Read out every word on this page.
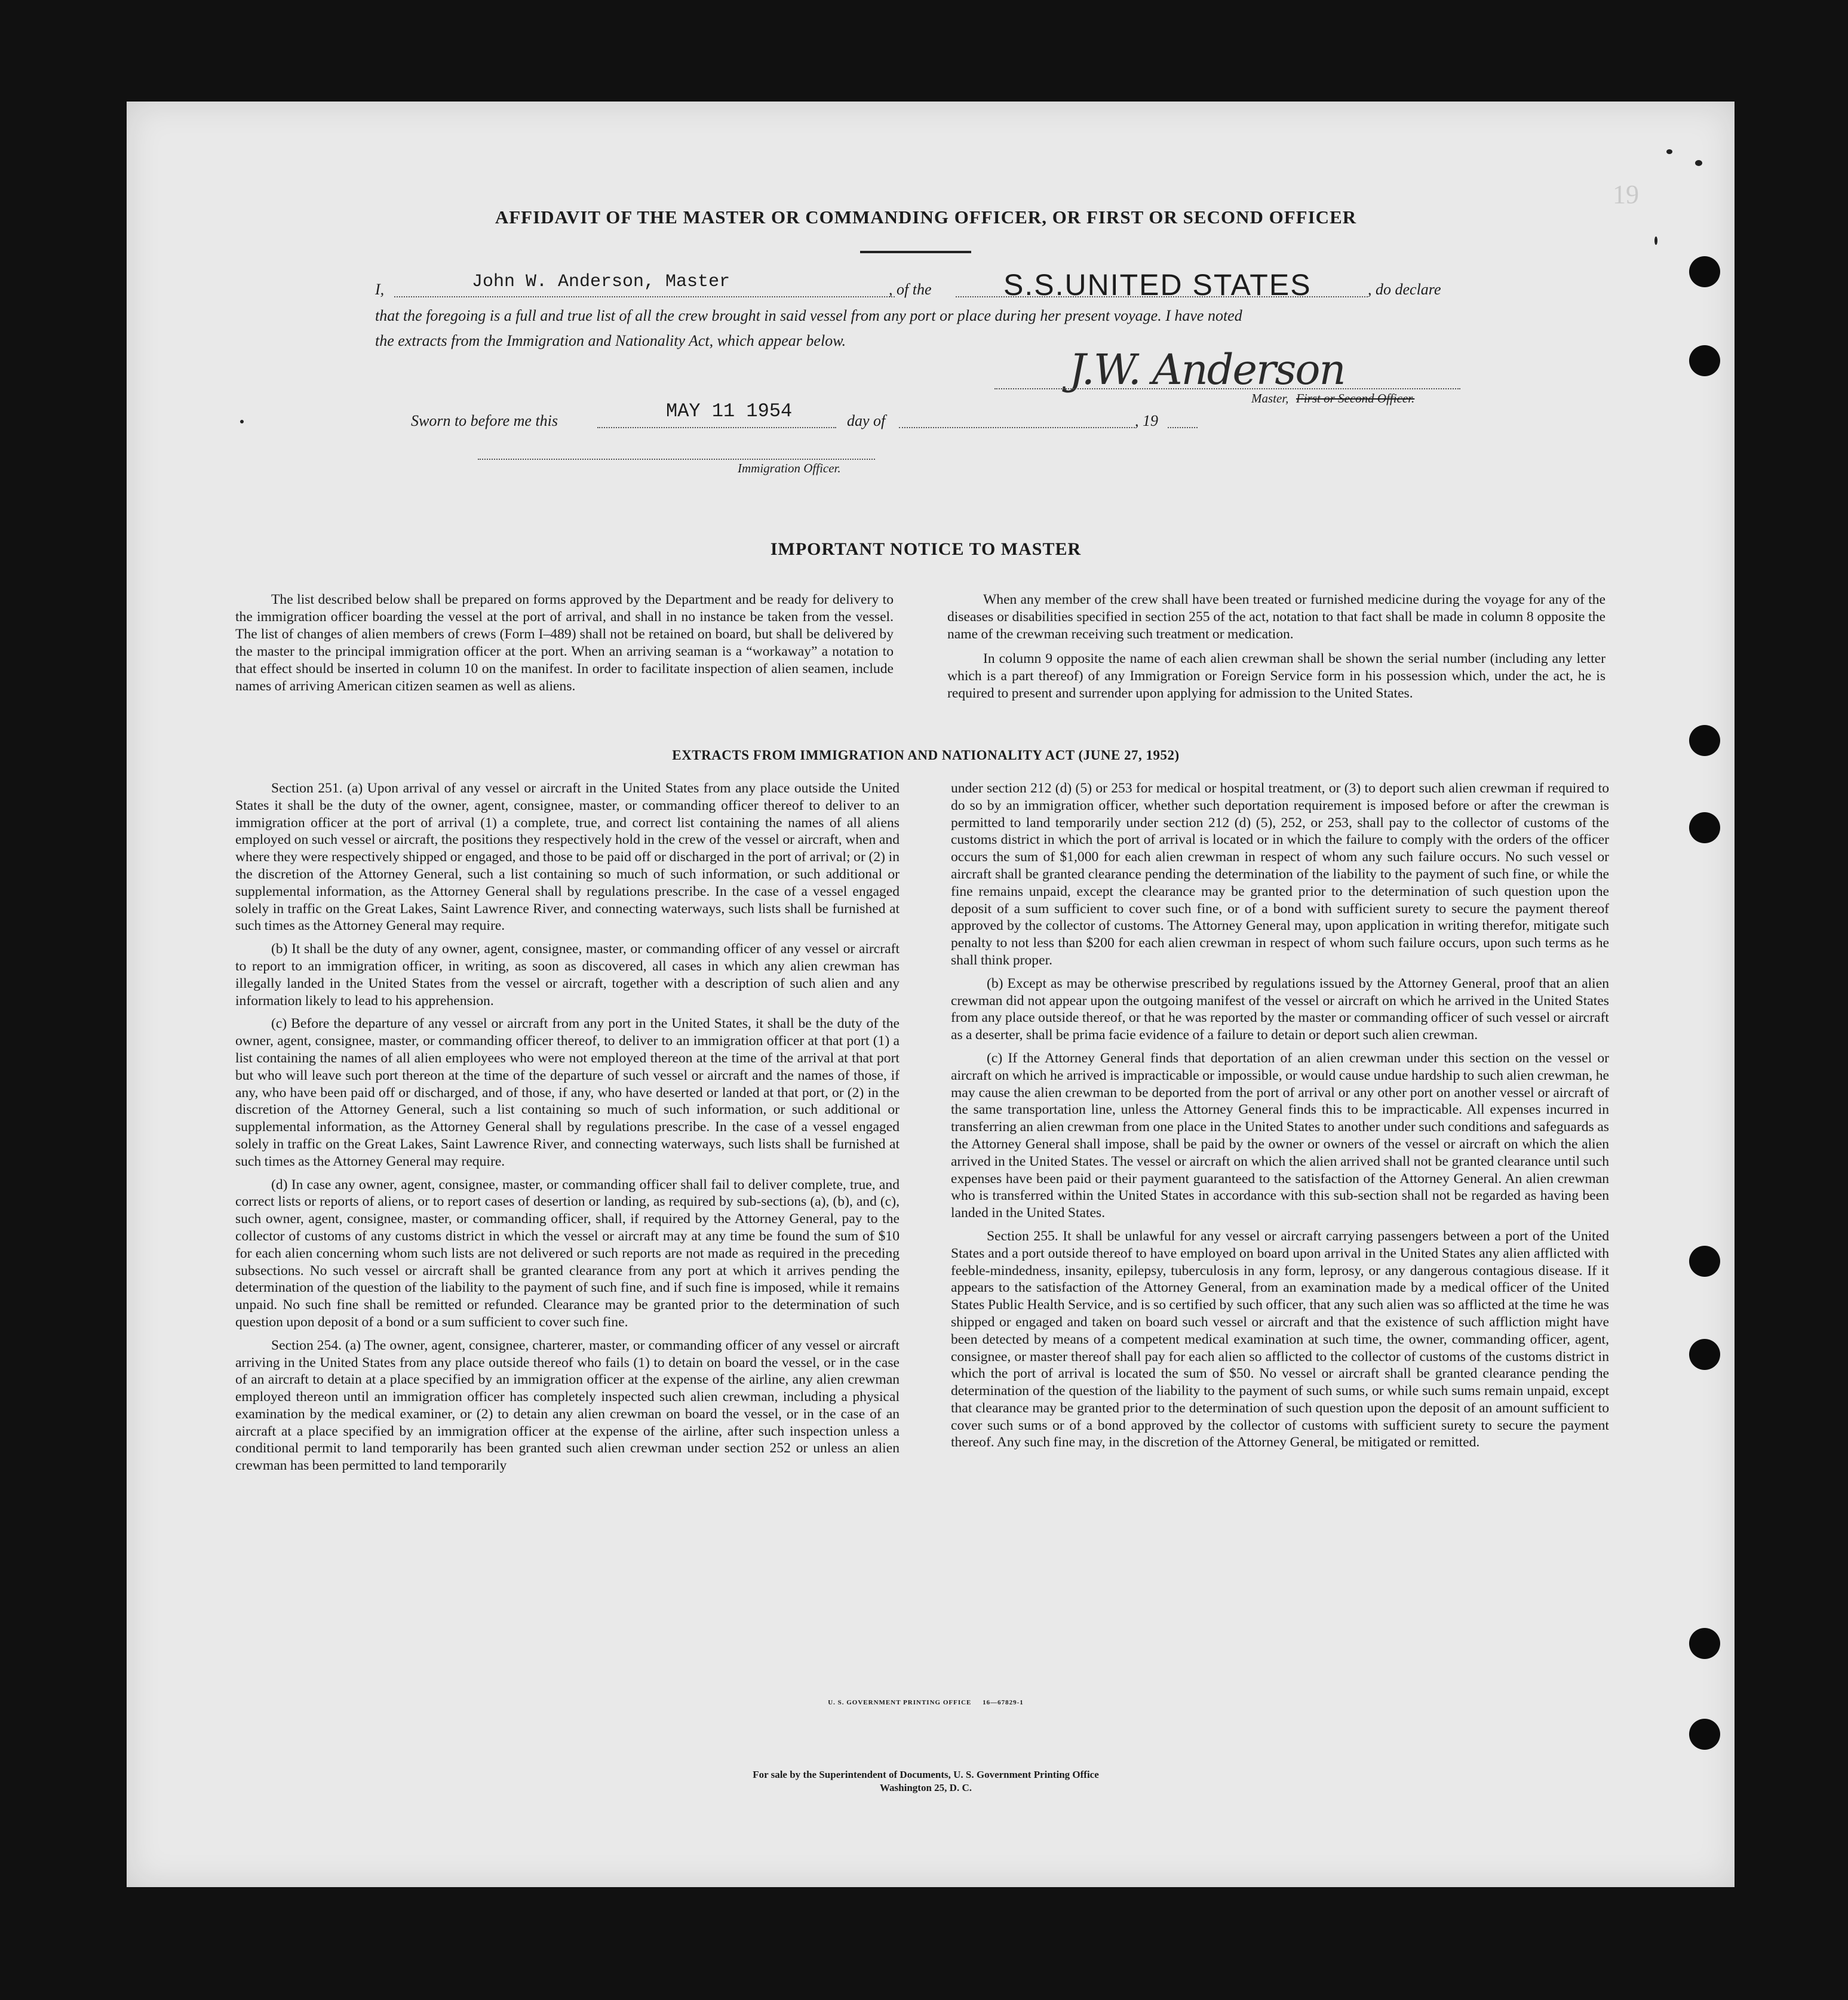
19
AFFIDAVIT OF THE MASTER OR COMMANDING OFFICER, OR FIRST OR SECOND OFFICER
I,	John W. Anderson, Master	, of the S.S.UNITED STATES	, do declare
that the foregoing is a full and true list of all the crew brought in said vessel from any port or place during her present voyage. I have noted
the extracts from the Immigration and Nationality Act, which appear below.
J.W. Anderson
Master, First or Second Officer.
Sworn to before me this	MAY 11 1954	day of	, 19
Immigration Officer.
IMPORTANT NOTICE TO MASTER

The list described below shall be prepared on forms approved by the Department and be ready for delivery to the immigration officer boarding the vessel at the port of arrival, and shall in no instance be taken from the vessel. The list of changes of alien members of crews (Form I–489) shall not be retained on board, but shall be delivered by the master to the principal immigration officer at the port. When an arriving seaman is a “workaway” a notation to that effect should be inserted in column 10 on the manifest. In order to facilitate inspection of alien seamen, include names of arriving American citizen seamen as well as aliens.

When any member of the crew shall have been treated or furnished medicine during the voyage for any of the diseases or disabilities specified in section 255 of the act, notation to that fact shall be made in column 8 opposite the name of the crewman receiving such treatment or medication.

In column 9 opposite the name of each alien crewman shall be shown the serial number (including any letter which is a part thereof) of any Immigration or Foreign Service form in his possession which, under the act, he is required to present and surrender upon applying for admission to the United States.

EXTRACTS FROM IMMIGRATION AND NATIONALITY ACT (JUNE 27, 1952)

Section 251. (a) Upon arrival of any vessel or aircraft in the United States from any place outside the United States it shall be the duty of the owner, agent, consignee, master, or commanding officer thereof to deliver to an immigration officer at the port of arrival (1) a complete, true, and correct list containing the names of all aliens employed on such vessel or aircraft, the positions they respectively hold in the crew of the vessel or aircraft, when and where they were respectively shipped or engaged, and those to be paid off or discharged in the port of arrival; or (2) in the discretion of the Attorney General, such a list containing so much of such information, or such additional or supplemental information, as the Attorney General shall by regulations prescribe. In the case of a vessel engaged solely in traffic on the Great Lakes, Saint Lawrence River, and connecting waterways, such lists shall be furnished at such times as the Attorney General may require.

(b) It shall be the duty of any owner, agent, consignee, master, or commanding officer of any vessel or aircraft to report to an immigration officer, in writing, as soon as discovered, all cases in which any alien crewman has illegally landed in the United States from the vessel or aircraft, together with a description of such alien and any information likely to lead to his apprehension.

(c) Before the departure of any vessel or aircraft from any port in the United States, it shall be the duty of the owner, agent, consignee, master, or commanding officer thereof, to deliver to an immigration officer at that port (1) a list containing the names of all alien employees who were not employed thereon at the time of the arrival at that port but who will leave such port thereon at the time of the departure of such vessel or aircraft and the names of those, if any, who have been paid off or discharged, and of those, if any, who have deserted or landed at that port, or (2) in the discretion of the Attorney General, such a list containing so much of such information, or such additional or supplemental information, as the Attorney General shall by regulations prescribe. In the case of a vessel engaged solely in traffic on the Great Lakes, Saint Lawrence River, and connecting waterways, such lists shall be furnished at such times as the Attorney General may require.

(d) In case any owner, agent, consignee, master, or commanding officer shall fail to deliver complete, true, and correct lists or reports of aliens, or to report cases of desertion or landing, as required by sub-sections (a), (b), and (c), such owner, agent, consignee, master, or commanding officer, shall, if required by the Attorney General, pay to the collector of customs of any customs district in which the vessel or aircraft may at any time be found the sum of $10 for each alien concerning whom such lists are not delivered or such reports are not made as required in the preceding subsections. No such vessel or aircraft shall be granted clearance from any port at which it arrives pending the determination of the question of the liability to the payment of such fine, and if such fine is imposed, while it remains unpaid. No such fine shall be remitted or refunded. Clearance may be granted prior to the determination of such question upon deposit of a bond or a sum sufficient to cover such fine.

Section 254. (a) The owner, agent, consignee, charterer, master, or commanding officer of any vessel or aircraft arriving in the United States from any place outside thereof who fails (1) to detain on board the vessel, or in the case of an aircraft to detain at a place specified by an immigration officer at the expense of the airline, any alien crewman employed thereon until an immigration officer has completely inspected such alien crewman, including a physical examination by the medical examiner, or (2) to detain any alien crewman on board the vessel, or in the case of an aircraft at a place specified by an immigration officer at the expense of the airline, after such inspection unless a conditional permit to land temporarily has been granted such alien crewman under section 252 or unless an alien crewman has been permitted to land temporarily

under section 212 (d) (5) or 253 for medical or hospital treatment, or (3) to deport such alien crewman if required to do so by an immigration officer, whether such deportation requirement is imposed before or after the crewman is permitted to land temporarily under section 212 (d) (5), 252, or 253, shall pay to the collector of customs of the customs district in which the port of arrival is located or in which the failure to comply with the orders of the officer occurs the sum of $1,000 for each alien crewman in respect of whom any such failure occurs. No such vessel or aircraft shall be granted clearance pending the determination of the liability to the payment of such fine, or while the fine remains unpaid, except the clearance may be granted prior to the determination of such question upon the deposit of a sum sufficient to cover such fine, or of a bond with sufficient surety to secure the payment thereof approved by the collector of customs. The Attorney General may, upon application in writing therefor, mitigate such penalty to not less than $200 for each alien crewman in respect of whom such failure occurs, upon such terms as he shall think proper.

(b) Except as may be otherwise prescribed by regulations issued by the Attorney General, proof that an alien crewman did not appear upon the outgoing manifest of the vessel or aircraft on which he arrived in the United States from any place outside thereof, or that he was reported by the master or commanding officer of such vessel or aircraft as a deserter, shall be prima facie evidence of a failure to detain or deport such alien crewman.

(c) If the Attorney General finds that deportation of an alien crewman under this section on the vessel or aircraft on which he arrived is impracticable or impossible, or would cause undue hardship to such alien crewman, he may cause the alien crewman to be deported from the port of arrival or any other port on another vessel or aircraft of the same transportation line, unless the Attorney General finds this to be impracticable. All expenses incurred in transferring an alien crewman from one place in the United States to another under such conditions and safeguards as the Attorney General shall impose, shall be paid by the owner or owners of the vessel or aircraft on which the alien arrived in the United States. The vessel or aircraft on which the alien arrived shall not be granted clearance until such expenses have been paid or their payment guaranteed to the satisfaction of the Attorney General. An alien crewman who is transferred within the United States in accordance with this sub-section shall not be regarded as having been landed in the United States.

Section 255. It shall be unlawful for any vessel or aircraft carrying passengers between a port of the United States and a port outside thereof to have employed on board upon arrival in the United States any alien afflicted with feeble-mindedness, insanity, epilepsy, tuberculosis in any form, leprosy, or any dangerous contagious disease. If it appears to the satisfaction of the Attorney General, from an examination made by a medical officer of the United States Public Health Service, and is so certified by such officer, that any such alien was so afflicted at the time he was shipped or engaged and taken on board such vessel or aircraft and that the existence of such affliction might have been detected by means of a competent medical examination at such time, the owner, commanding officer, agent, consignee, or master thereof shall pay for each alien so afflicted to the collector of customs of the customs district in which the port of arrival is located the sum of $50. No vessel or aircraft shall be granted clearance pending the determination of the question of the liability to the payment of such sums, or while such sums remain unpaid, except that clearance may be granted prior to the determination of such question upon the deposit of an amount sufficient to cover such sums or of a bond approved by the collector of customs with sufficient surety to secure the payment thereof. Any such fine may, in the discretion of the Attorney General, be mitigated or remitted.

U. S. GOVERNMENT PRINTING OFFICE     16—67829-1
For sale by the Superintendent of Documents, U. S. Government Printing Office
Washington 25, D. C.
